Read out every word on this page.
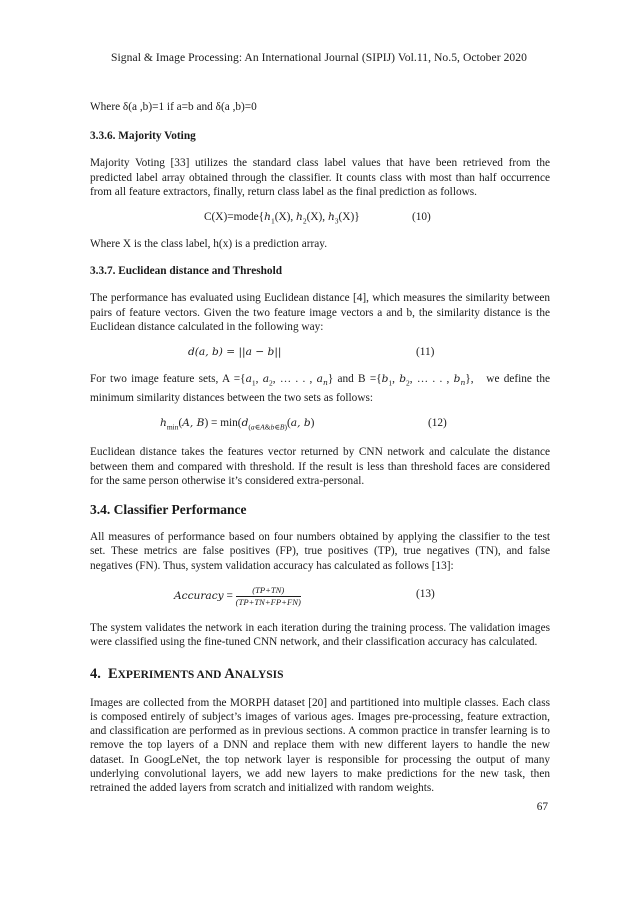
Signal & Image Processing: An International Journal (SIPIJ) Vol.11, No.5, October 2020

Where δ(a ,b)=1 if a=b and δ(a ,b)=0

3.3.6. Majority Voting

Majority Voting [33] utilizes the standard class label values that have been retrieved from the predicted label array obtained through the classifier. It counts class with most than half occurrence from all feature extractors, finally, return class label as the final prediction as follows.

$C(X)=mode\{h_1(X)$, $h_2(X)$, $h_3(X)$}	(10)

Where X is the class label, h(x) is a prediction array.

3.3.7. Euclidean distance and Threshold

The performance has evaluated using Euclidean distance [4], which measures the similarity between pairs of feature vectors. Given the two feature image vectors a and b, the similarity distance is the Euclidean distance calculated in the following way:

d(a, b) = ||a − b||	(11)

For two image feature sets, $A =\{a_1$, $a_2$, … . . , $a_n$} and $B =\{b_1$, $b_2$, … . . , $b_n$},   we define the minimum similarity distances between the two sets as follows:

$h_{min}(A$, $B) = \min(d_{(a\in A\&b\in B)}(a$, b)	(12)

Euclidean distance takes the features vector returned by CNN network and calculate the distance between them and compared with threshold. If the result is less than threshold faces are considered for the same person otherwise it’s considered extra-personal.

3.4. Classifier Performance

All measures of performance based on four numbers obtained by applying the classifier to the test set. These metrics are false positives (FP), true positives (TP), true negatives (TN), and false negatives (FN). Thus, system validation accuracy has calculated as follows [13]:

Accuracy = $\frac{(TP+TN)}{(TP+TN+FP+FN)}$	(13)

The system validates the network in each iteration during the training process. The validation images were classified using the fine-tuned CNN network, and their classification accuracy has calculated.

4. EXPERIMENTS AND ANALYSIS

Images are collected from the MORPH dataset [20] and partitioned into multiple classes. Each class is composed entirely of subject’s images of various ages. Images pre-processing, feature extraction, and classification are performed as in previous sections. A common practice in transfer learning is to remove the top layers of a DNN and replace them with new different layers to handle the new dataset. In GoogLeNet, the top network layer is responsible for processing the output of many underlying convolutional layers, we add new layers to make predictions for the new task, then retrained the added layers from scratch and initialized with random weights.

67
